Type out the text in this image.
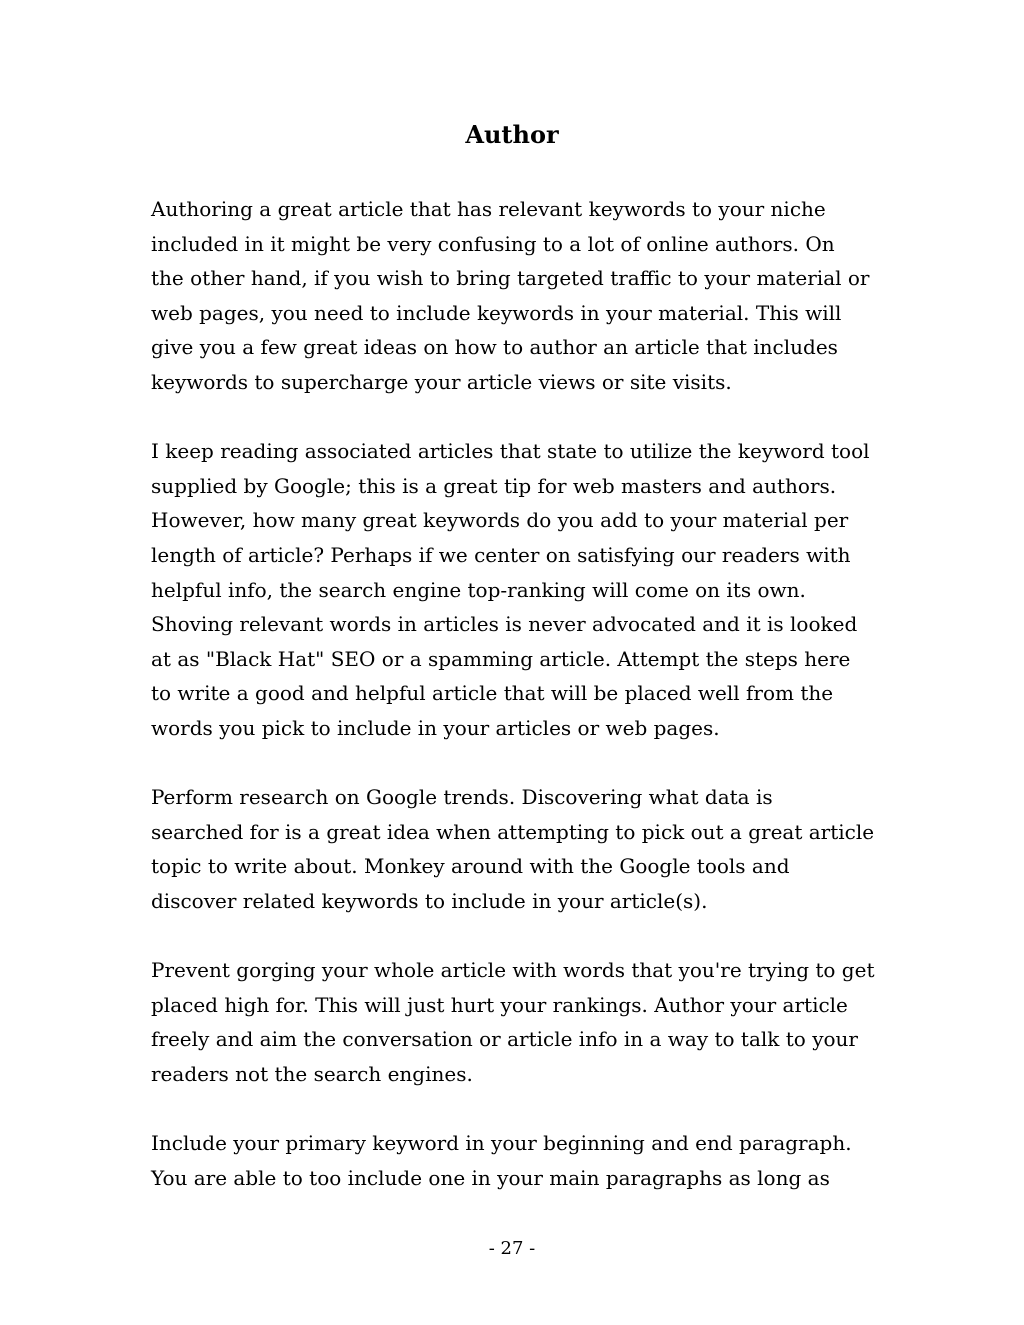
Author
Authoring a great article that has relevant keywords to your niche
included in it might be very confusing to a lot of online authors. On
the other hand, if you wish to bring targeted traffic to your material or
web pages, you need to include keywords in your material. This will
give you a few great ideas on how to author an article that includes
keywords to supercharge your article views or site visits.
I keep reading associated articles that state to utilize the keyword tool
supplied by Google; this is a great tip for web masters and authors.
However, how many great keywords do you add to your material per
length of article? Perhaps if we center on satisfying our readers with
helpful info, the search engine top-ranking will come on its own.
Shoving relevant words in articles is never advocated and it is looked
at as "Black Hat" SEO or a spamming article. Attempt the steps here
to write a good and helpful article that will be placed well from the
words you pick to include in your articles or web pages.
Perform research on Google trends. Discovering what data is
searched for is a great idea when attempting to pick out a great article
topic to write about. Monkey around with the Google tools and
discover related keywords to include in your article(s).
Prevent gorging your whole article with words that you're trying to get
placed high for. This will just hurt your rankings. Author your article
freely and aim the conversation or article info in a way to talk to your
readers not the search engines.
Include your primary keyword in your beginning and end paragraph.
You are able to too include one in your main paragraphs as long as
- 27 -
